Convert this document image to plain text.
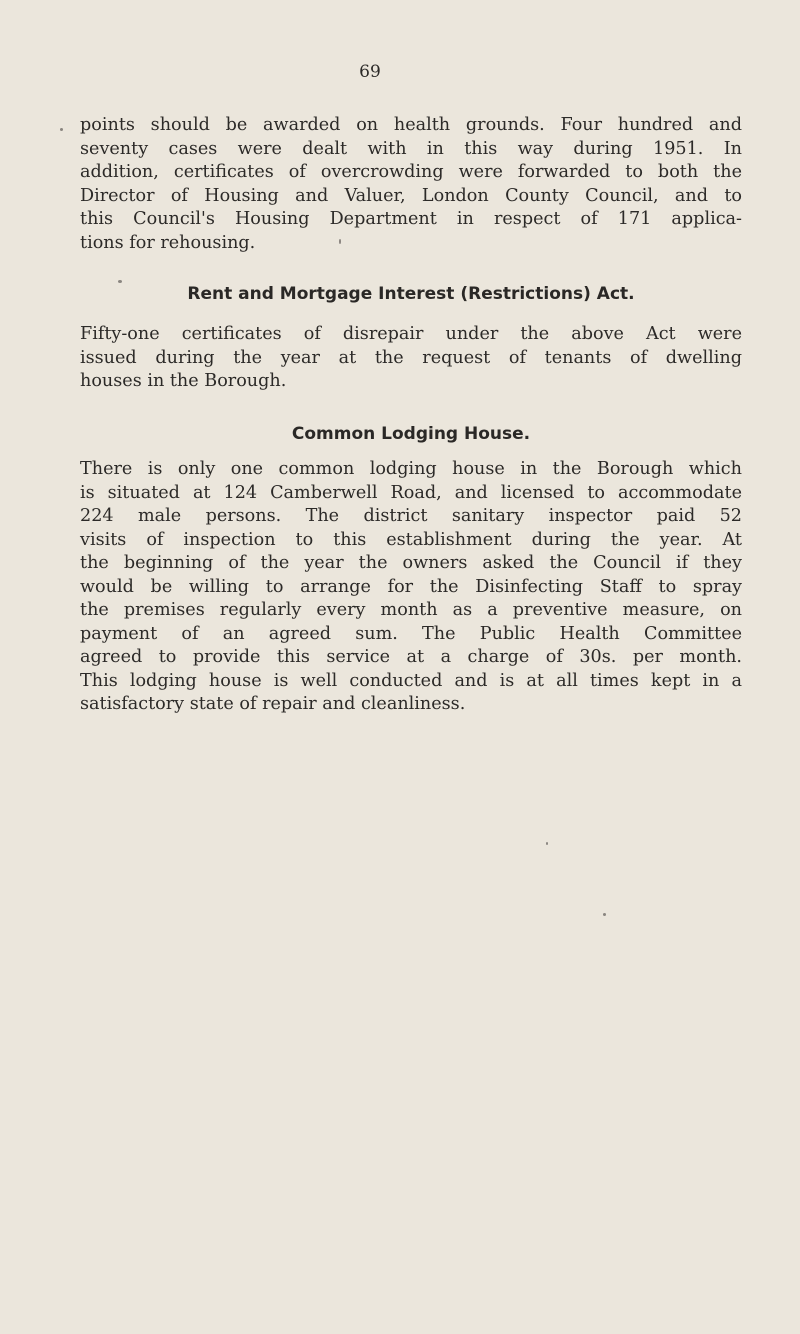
69
points should be awarded on health grounds. Four hundred and
seventy cases were dealt with in this way during 1951. In
addition, certificates of overcrowding were forwarded to both the
Director of Housing and Valuer, London County Council, and to
this Council's Housing Department in respect of 171 applica-
tions for rehousing.
Rent and Mortgage Interest (Restrictions) Act.
Fifty-one certificates of disrepair under the above Act were
issued during the year at the request of tenants of dwelling
houses in the Borough.
Common Lodging House.
There is only one common lodging house in the Borough which
is situated at 124 Camberwell Road, and licensed to accommodate
224 male persons. The district sanitary inspector paid 52
visits of inspection to this establishment during the year. At
the beginning of the year the owners asked the Council if they
would be willing to arrange for the Disinfecting Staff to spray
the premises regularly every month as a preventive measure, on
payment of an agreed sum. The Public Health Committee
agreed to provide this service at a charge of 30s. per month.
This lodging house is well conducted and is at all times kept in a
satisfactory state of repair and cleanliness.
